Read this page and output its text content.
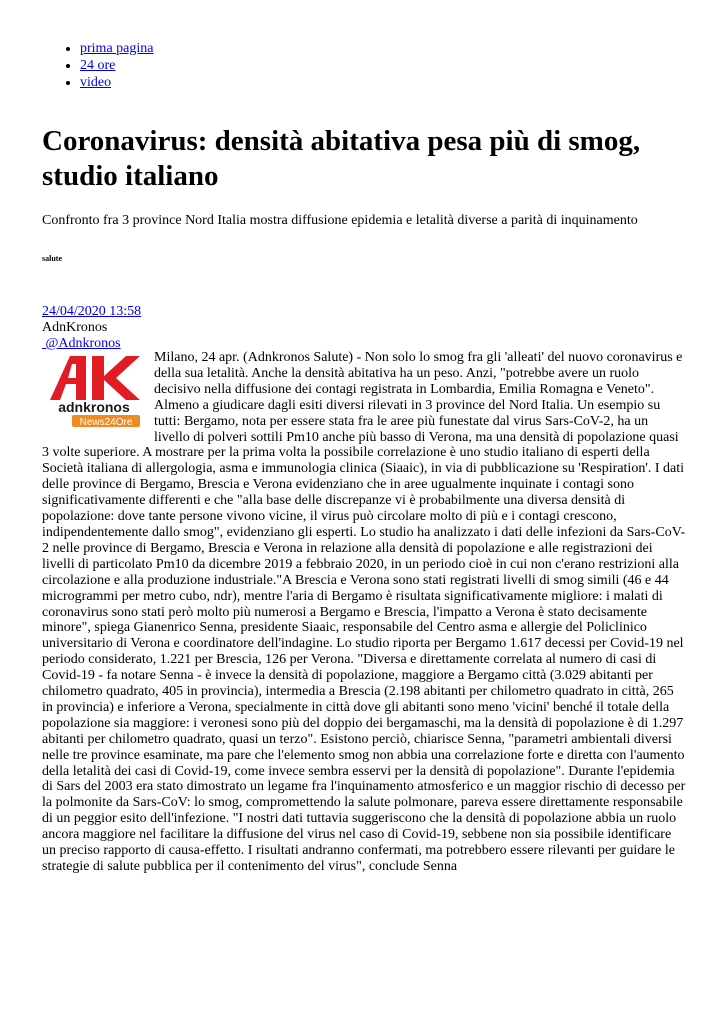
• prima pagina
• 24 ore
• video
Coronavirus: densità abitativa pesa più di smog, studio italiano

Confronto fra 3 province Nord Italia mostra diffusione epidemia e letalità diverse a parità di inquinamento

salute

24/04/2020 13:58
AdnKronos
@Adnkronos
adnkronos
News24Ore
Milano, 24 apr. (Adnkronos Salute) - Non solo lo smog fra gli 'alleati' del nuovo coronavirus e della sua letalità. Anche la densità abitativa ha un peso. Anzi, "potrebbe avere un ruolo decisivo nella diffusione dei contagi registrata in Lombardia, Emilia Romagna e Veneto". Almeno a giudicare dagli esiti diversi rilevati in 3 province del Nord Italia. Un esempio su tutti: Bergamo, nota per essere stata fra le aree più funestate dal virus Sars-CoV-2, ha un livello di polveri sottili Pm10 anche più basso di Verona, ma una densità di popolazione quasi 3 volte superiore. A mostrare per la prima volta la possibile correlazione è uno studio italiano di esperti della Società italiana di allergologia, asma e immunologia clinica (Siaaic), in via di pubblicazione su 'Respiration'. I dati delle province di Bergamo, Brescia e Verona evidenziano che in aree ugualmente inquinate i contagi sono significativamente differenti e che "alla base delle discrepanze vi è probabilmente una diversa densità di popolazione: dove tante persone vivono vicine, il virus può circolare molto di più e i contagi crescono, indipendentemente dallo smog", evidenziano gli esperti. Lo studio ha analizzato i dati delle infezioni da Sars-CoV-2 nelle province di Bergamo, Brescia e Verona in relazione alla densità di popolazione e alle registrazioni dei livelli di particolato Pm10 da dicembre 2019 a febbraio 2020, in un periodo cioè in cui non c'erano restrizioni alla circolazione e alla produzione industriale."A Brescia e Verona sono stati registrati livelli di smog simili (46 e 44 microgrammi per metro cubo, ndr), mentre l'aria di Bergamo è risultata significativamente migliore: i malati di coronavirus sono stati però molto più numerosi a Bergamo e Brescia, l'impatto a Verona è stato decisamente minore", spiega Gianenrico Senna, presidente Siaaic, responsabile del Centro asma e allergie del Policlinico universitario di Verona e coordinatore dell'indagine. Lo studio riporta per Bergamo 1.617 decessi per Covid-19 nel periodo considerato, 1.221 per Brescia, 126 per Verona. "Diversa e direttamente correlata al numero di casi di Covid-19 - fa notare Senna - è invece la densità di popolazione, maggiore a Bergamo città (3.029 abitanti per chilometro quadrato, 405 in provincia), intermedia a Brescia (2.198 abitanti per chilometro quadrato in città, 265 in provincia) e inferiore a Verona, specialmente in città dove gli abitanti sono meno 'vicini' benché il totale della popolazione sia maggiore: i veronesi sono più del doppio dei bergamaschi, ma la densità di popolazione è di 1.297 abitanti per chilometro quadrato, quasi un terzo". Esistono perciò, chiarisce Senna, "parametri ambientali diversi nelle tre province esaminate, ma pare che l'elemento smog non abbia una correlazione forte e diretta con l'aumento della letalità dei casi di Covid-19, come invece sembra esservi per la densità di popolazione". Durante l'epidemia di Sars del 2003 era stato dimostrato un legame fra l'inquinamento atmosferico e un maggior rischio di decesso per la polmonite da Sars-CoV: lo smog, compromettendo la salute polmonare, pareva essere direttamente responsabile di un peggior esito dell'infezione. "I nostri dati tuttavia suggeriscono che la densità di popolazione abbia un ruolo ancora maggiore nel facilitare la diffusione del virus nel caso di Covid-19, sebbene non sia possibile identificare un preciso rapporto di causa-effetto. I risultati andranno confermati, ma potrebbero essere rilevanti per guidare le strategie di salute pubblica per il contenimento del virus", conclude Senna
